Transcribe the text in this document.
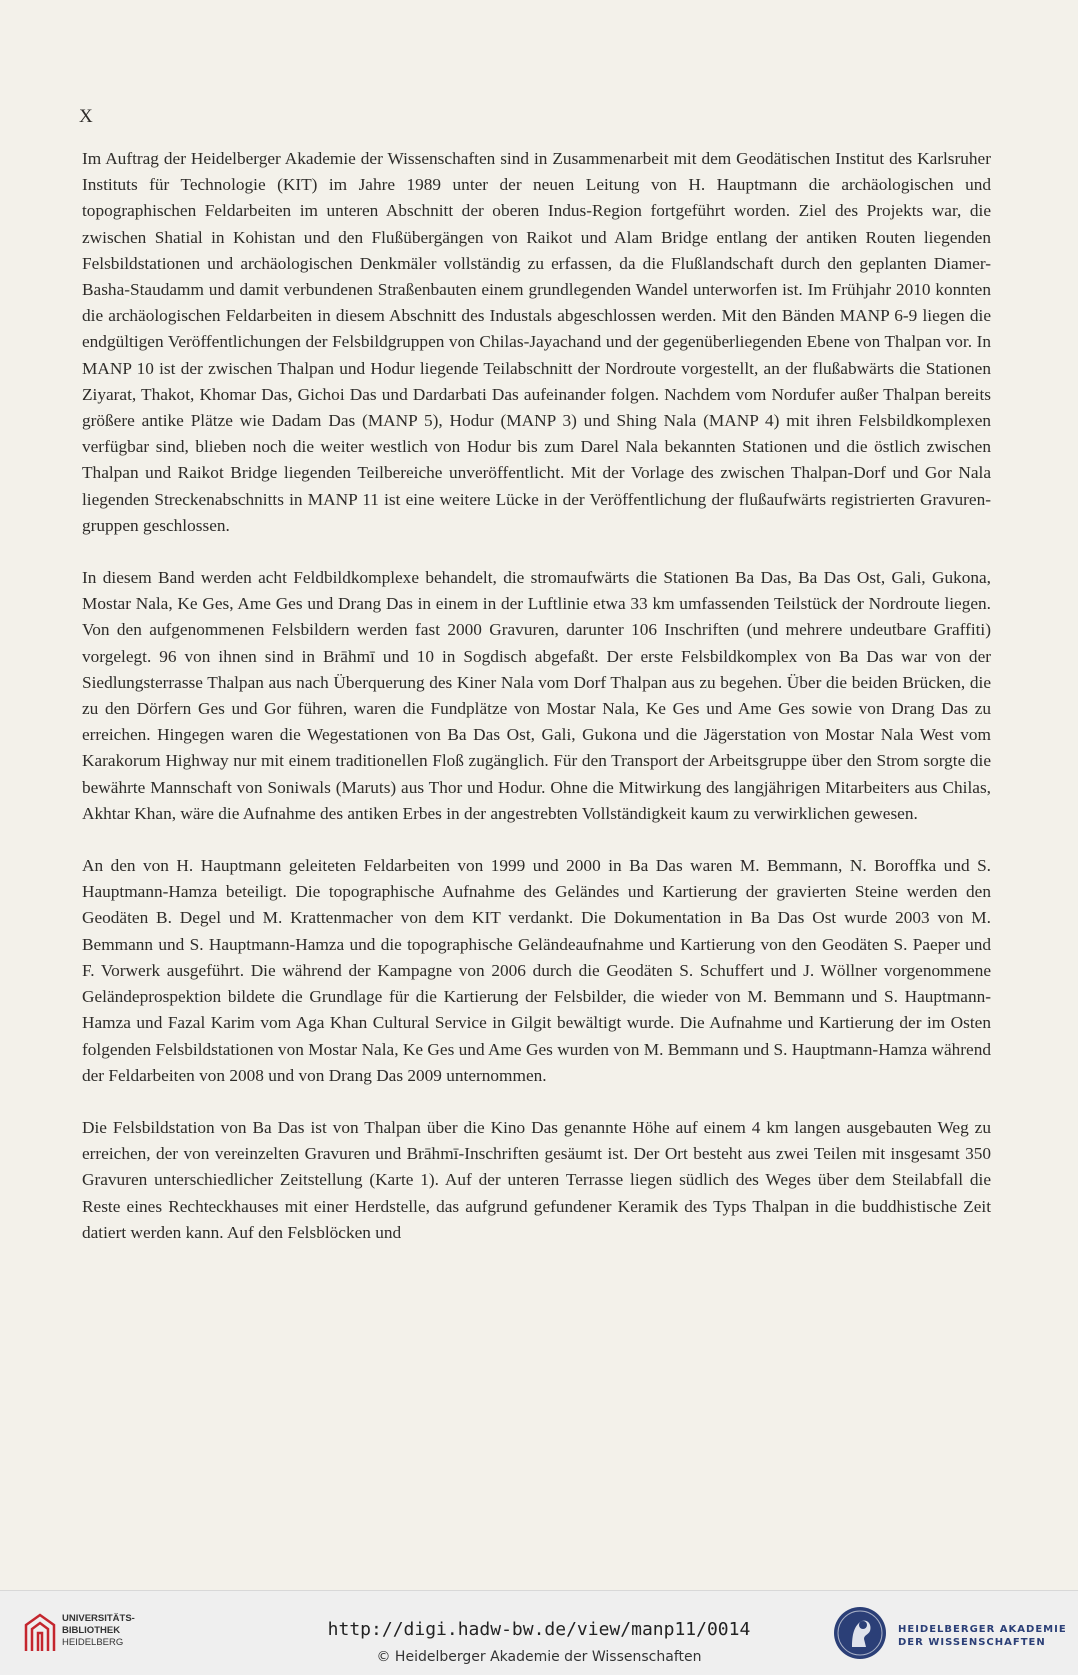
X

Im Auftrag der Heidelberger Akademie der Wissenschaften sind in Zusammenarbeit mit dem Geodätischen Institut des Karlsruher Instituts für Technologie (KIT) im Jahre 1989 unter der neuen Leitung von H. Hauptmann die archäologischen und topographischen Feldarbeiten im unteren Abschnitt der oberen Indus-Region fortgeführt worden. Ziel des Projekts war, die zwischen Shatial in Kohistan und den Flußübergängen von Raikot und Alam Bridge entlang der antiken Routen liegenden Felsbildstationen und archäologischen Denkmäler vollständig zu erfassen, da die Flußlandschaft durch den geplanten Diamer-Basha-Staudamm und damit verbundenen Straßenbauten einem grundlegenden Wandel unterworfen ist. Im Frühjahr 2010 konnten die archäologischen Feldarbeiten in diesem Abschnitt des Industals abgeschlossen werden. Mit den Bänden MANP 6-9 liegen die endgültigen Veröffentlichungen der Felsbildgruppen von Chilas-Jayachand und der gegenüberliegenden Ebene von Thalpan vor. In MANP 10 ist der zwischen Thalpan und Hodur liegende Teilabschnitt der Nordroute vorgestellt, an der flußabwärts die Stationen Ziyarat, Thakot, Khomar Das, Gichoi Das und Dardarbati Das aufeinander folgen. Nachdem vom Nordufer außer Thalpan bereits größere antike Plätze wie Dadam Das (MANP 5), Hodur (MANP 3) und Shing Nala (MANP 4) mit ihren Felsbildkomplexen verfügbar sind, blieben noch die weiter westlich von Hodur bis zum Darel Nala bekannten Stationen und die östlich zwischen Thalpan und Raikot Bridge liegenden Teilbereiche unveröffentlicht. Mit der Vorlage des zwischen Thalpan-Dorf und Gor Nala liegenden Streckenabschnitts in MANP 11 ist eine weitere Lücke in der Veröffentlichung der flußaufwärts registrierten Gravurengruppen geschlossen.

In diesem Band werden acht Feldbildkomplexe behandelt, die stromaufwärts die Stationen Ba Das, Ba Das Ost, Gali, Gukona, Mostar Nala, Ke Ges, Ame Ges und Drang Das in einem in der Luftlinie etwa 33 km umfassenden Teilstück der Nordroute liegen. Von den aufgenommenen Felsbildern werden fast 2000 Gravuren, darunter 106 Inschriften (und mehrere undeutbare Graffiti) vorgelegt. 96 von ihnen sind in Brāhmī und 10 in Sogdisch abgefaßt. Der erste Felsbildkomplex von Ba Das war von der Siedlungsterrasse Thalpan aus nach Überquerung des Kiner Nala vom Dorf Thalpan aus zu begehen. Über die beiden Brücken, die zu den Dörfern Ges und Gor führen, waren die Fundplätze von Mostar Nala, Ke Ges und Ame Ges sowie von Drang Das zu erreichen. Hingegen waren die Wegestationen von Ba Das Ost, Gali, Gukona und die Jägerstation von Mostar Nala West vom Karakorum Highway nur mit einem traditionellen Floß zugänglich. Für den Transport der Arbeitsgruppe über den Strom sorgte die bewährte Mannschaft von Soniwals (Maruts) aus Thor und Hodur. Ohne die Mitwirkung des langjährigen Mitarbeiters aus Chilas, Akhtar Khan, wäre die Aufnahme des antiken Erbes in der angestrebten Vollständigkeit kaum zu verwirklichen gewesen.

An den von H. Hauptmann geleiteten Feldarbeiten von 1999 und 2000 in Ba Das waren M. Bemmann, N. Boroffka und S. Hauptmann-Hamza beteiligt. Die topographische Aufnahme des Geländes und Kartierung der gravierten Steine werden den Geodäten B. Degel und M. Krattenmacher von dem KIT verdankt. Die Dokumentation in Ba Das Ost wurde 2003 von M. Bemmann und S. Hauptmann-Hamza und die topographische Geländeaufnahme und Kartierung von den Geodäten S. Paeper und F. Vorwerk ausgeführt. Die während der Kampagne von 2006 durch die Geodäten S. Schuffert und J. Wöllner vorgenommene Geländeprospektion bildete die Grundlage für die Kartierung der Felsbilder, die wieder von M. Bemmann und S. Hauptmann-Hamza und Fazal Karim vom Aga Khan Cultural Service in Gilgit bewältigt wurde. Die Aufnahme und Kartierung der im Osten folgenden Felsbildstationen von Mostar Nala, Ke Ges und Ame Ges wurden von M. Bemmann und S. Hauptmann-Hamza während der Feldarbeiten von 2008 und von Drang Das 2009 unternommen.

Die Felsbildstation von Ba Das ist von Thalpan über die Kino Das genannte Höhe auf einem 4 km langen ausgebauten Weg zu erreichen, der von vereinzelten Gravuren und Brāhmī-Inschriften gesäumt ist. Der Ort besteht aus zwei Teilen mit insgesamt 350 Gravuren unterschiedlicher Zeitstellung (Karte 1). Auf der unteren Terrasse liegen südlich des Weges über dem Steilabfall die Reste eines Rechteckhauses mit einer Herdstelle, das aufgrund gefundener Keramik des Typs Thalpan in die buddhistische Zeit datiert werden kann. Auf den Felsblöcken und

UNIVERSITÄTS-
BIBLIOTHEK
HEIDELBERG
http://digi.hadw-bw.de/view/manp11/0014
© Heidelberger Akademie der Wissenschaften
HEIDELBERGER AKADEMIE
DER WISSENSCHAFTEN
